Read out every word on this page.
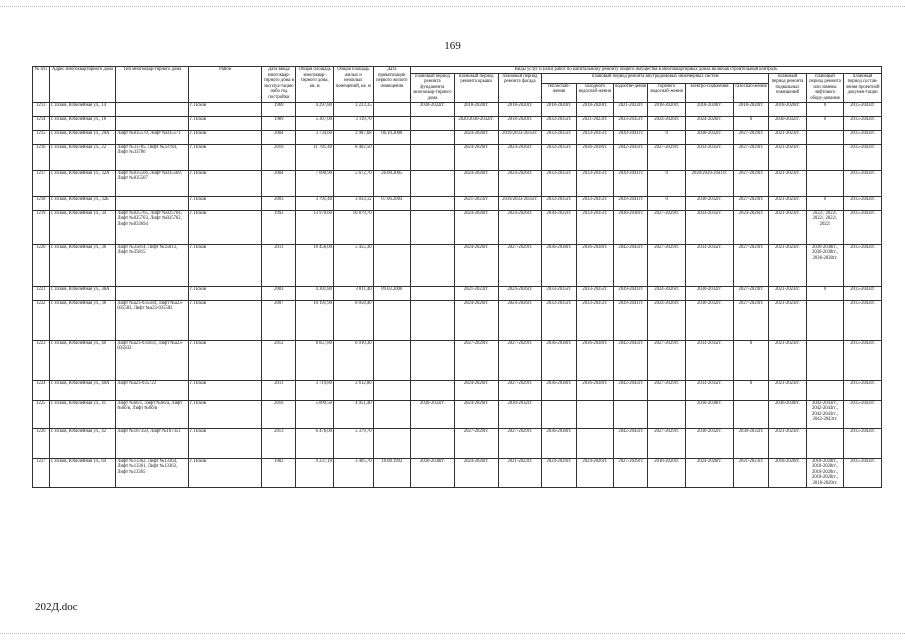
169
№ п/п	Адрес многоквартирного дома	Тип многоквар-тирного дома	Район	Дата ввода многоквар-тирного дома в эксплуа-тацию либо год постройки	Общая площадь многоквар-тирного дома, кв. м	Общая площадь жилых и нежилых помещений, кв. м	Дата приватизации первого жилого помещения	Виды услуг и (или) работ по капитальному ремонту общего имущества в многоквартирных домах включая строительный контроль											
								плановый период ремонта фундамента многоквар-тирного дома	плановый период ремонта крыши	плановый период ремонта фасада	плановый период ремонта внутридомовых инженерных систем						плановый период ремонта подвальных помещений	плановый период ремонта или замены лифтового обору-дования	плановый период состав-ления проектной докумен-тации
											теплоснаб-жения	холодного водоснаб-жения	водоотве-дения	горячего водоснаб-жения	электро-снабжения	газоснаб-жения			
1213	г. Псков, Юбилейная ул., 14		г. Псков	1969	4 297,80	3 223,35		2030-2032гг.	2018-2020гг.	2018-2020гг.	2018-2020гг.	2018-2020гг.	2021-2023гг.	2018-2020гг.	2018-2020гг.	2018-2020гг.	2018-2020гг.	0	2015-2043гг.
1214	г. Псков, Юбилейная ул., 18		г. Псков	1989	5 367,00	3 119,70			2020/2030-2032гг.	2018-2020гг.	2033-2035гг.	2021-2023гг.	2033-2035гг.	2024-2026гг.	2024-2026гг.	0	2030-2032гг.	0	2015-2043гг.
1215	г. Псков, Юбилейная ул., 20А	Лифт №035570, Лифт №035571	г. Псков	2004	3 734,60	2 987,68	06.10.2008		2024-2026гг.	2019/2033-2035гг.	2033-2035гг.	2033-2035гг.	2039-2041гг.	0	2030-2032гг.	2027-2029гг.	2021-2023гг.		2015-2043гг.
1216	г. Псков, Юбилейная ул., 22	Лифт №33785, Лифт №33784, Лифт №33786	г. Псков	2010	11 781,40	8 402,50			2024-2026гг.	2024-2026гг.	2033-2035гг.	2036-2038гг.	2042-2043гг.	2027-2029гг.	2033-2035гг.	2027-2029гг.	2021-2023гг.		2015-2043гг.
1217	г. Псков, Юбилейная ул., 32А	Лифт №035566, Лифт №035569, Лифт №035567	г. Псков	2004	7 090,90	5 672,70	26.08.2005		2024-2026гг.	2024-2026гг.	2033-2035гг.	2033-2035гг.	2039-2041гг.	0	2020/2039-2041гг.	2027-2029гг.	2021-2023гг.		2015-2043гг.
1218	г. Псков, Юбилейная ул., 32Б		г. Псков	2003	3 791,40	3 033,12	07.06.2004		2021-2023гг.	2019/2033-2035гг.	2033-2035гг.	2033-2035гг.	2039-2041гг.	0	2030-2032гг.	2027-2029гг.	2021-2023гг.	0	2015-2043гг.
1219	г. Псков, Юбилейная ул., 34	Лифт №025765, Лифт №025764, Лифт №025763, Лифт №025762, Лифт №033694	г. Псков	1992	13 970,60	10 879,70			2024-2026гг.	2024-2026гг.	2030-2032гг.	2033-2035гг.	2036-2038гг.	2027-2029гг.	2033-2035гг.	2024-2026гг.	2021-2023гг.	2022/, 2022/, 2022/, 2022/, 2022/	2015-2043гг.
1220	г. Псков, Юбилейная ул., 36	Лифт №35814, Лифт №35813, Лифт №35815	г. Псков	2011	10 456,00	5 455,30			2024-2026гг.	2027-2029гг.	2036-2038гг.	2036-2038гг.	2042-2043гг.	2027-2029гг.	2033-2035гг.	2027-2029гг.	2021-2023гг.	2036-2038гг., 2036-2038гг., 2036-2038гг.	2015-2043гг.
1221	г. Псков, Юбилейная ул., 36А		г. Псков	2003	4 301,80	3 811,40	09.03.2006		2021-2023гг.	2024-2026гг.	2033-2035гг.	2033-2035гг.	2039-2041гг.	2024-2026гг.	2030-2032гг.	2027-2029гг.	2021-2023гг.	0	2015-2043гг.
1222	г. Псков, Юбилейная ул., 38	Лифт №а23-035584, Лифт №а23-035583, Лифт №а23-035582	г. Псков	2007	10 191,90	8 058,40			2024-2026гг.	2024-2026гг.	2033-2035гг.	2033-2035гг.	2039-2041гг.	2024-2026гг.	2030-2032гг.	2027-2029гг.	2021-2023гг.		2015-2043гг.
1223	г. Псков, Юбилейная ул., 40	Лифт №а23-035831, Лифт №а23-035832	г. Псков	2012	8 857,80	6 910,30			2027-2029гг.	2027-2029гг.	2036-2038гг.	2036-2038гг.	2042-2043гг.	2027-2029гг.	2033-2035гг.	0	2021-2023гг.		2015-2043гг.
1224	г. Псков, Юбилейная ул., 40А	Лифт №а23-035722	г. Псков	2011	3 719,80	2 612,80			2024-2026гг.	2027-2029гг.	2036-2038гг.	2036-2038гг.	2042-2043гг.	2027-2029гг.	2033-2035гг.	0	2021-2023гг.		2015-2043гг.
1225	г. Псков, Юбилейная ул., 41	Лифт №бб/1, Лифт №бб/а, Лифт №бб/в, Лифт №бб/в	г. Псков	2016	5 899,50	4 951,40		2030-2032гг.	2024-2026гг.	2030-2032гг.					2036-2038гг.		2036-2038гг.	2042-2043гг., 2042-2043гг., 2042-2043гг., 2042-2043гг.	2015-2043гг.
1226	г. Псков, Юбилейная ул., 42	Лифт №167350, Лифт №167351	г. Псков	2013	6 478,00	5 379,70			2027-2029гг.	2027-2029гг.	2036-2038гг.		2042-2043гг.	2027-2029гг.	2030-2032гг.	2030-2032гг.	2021-2023гг.		2015-2043гг.
1227	г. Псков, Юбилейная ул., 64	Лифт №13362, Лифт №13364, Лифт №13361, Лифт №13363, Лифт №13365	г. Псков	1982	9 237,10	3 405,70	18.08.1992	2036-2038гг.	2024-2026гг.	2021-2023гг.	2024-2026гг.	2024-2026гг.	2027-2029гг.	2018-2020гг.	2024-2026гг.	2021-2023гг.	2018-2020гг.	2018-2020гг., 2018-2020гг., 2018-2020гг., 2018-2020гг., 2018-2020гг.	2015-2043гг.
202Д.doc
